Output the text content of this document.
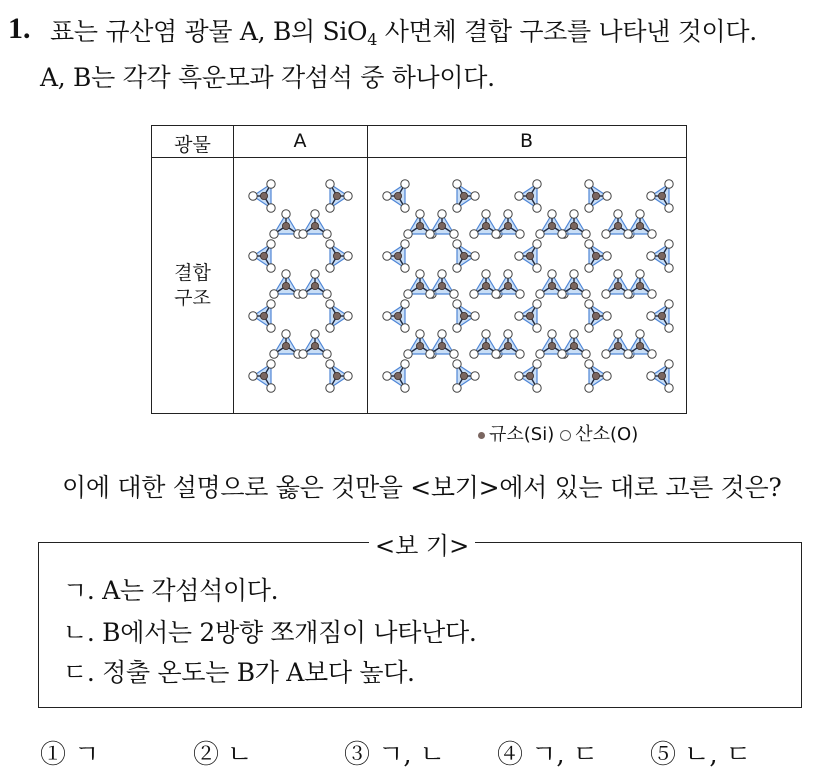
1. 표는 규산염 광물 A, B의 SiO$_4$ 사면체 결합 구조를 나타낸 것이다.
A, B는 각각 흑운모과 각섬석 중 하나이다.
광물	A	B
결합
구조
규소(Si) 산소(O)
이에 대한 설명으로 옳은 것만을 <보기>에서 있는 대로 고른 것은?
<보 기>
ㄱ. A는 각섬석이다.
ㄴ. B에서는 2방향 쪼개짐이 나타난다.
ㄷ. 정출 온도는 B가 A보다 높다.
① ㄱ	② ㄴ	③ ㄱ, ㄴ ④ ㄱ, ㄷ ⑤ ㄴ, ㄷ
